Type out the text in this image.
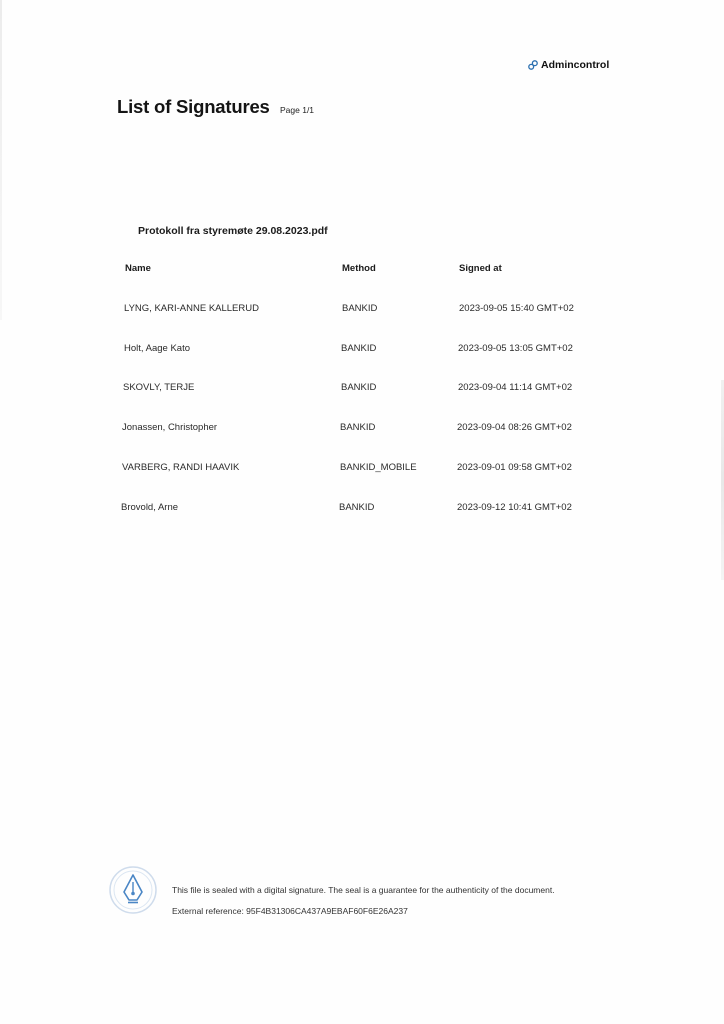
Admincontrol
List of Signatures Page 1/1
Protokoll fra styremøte 29.08.2023.pdf
Name	Method	Signed at
LYNG, KARI-ANNE KALLERUD	BANKID	2023-09-05 15:40 GMT+02
Holt, Aage Kato	BANKID	2023-09-05 13:05 GMT+02
SKOVLY, TERJE	BANKID	2023-09-04 11:14 GMT+02
Jonassen, Christopher	BANKID	2023-09-04 08:26 GMT+02
VARBERG, RANDI HAAVIK	BANKID_MOBILE	2023-09-01 09:58 GMT+02
Brovold, Arne	BANKID	2023-09-12 10:41 GMT+02
This file is sealed with a digital signature. The seal is a guarantee for the authenticity of the document.
External reference: 95F4B31306CA437A9EBAF60F6E26A237
